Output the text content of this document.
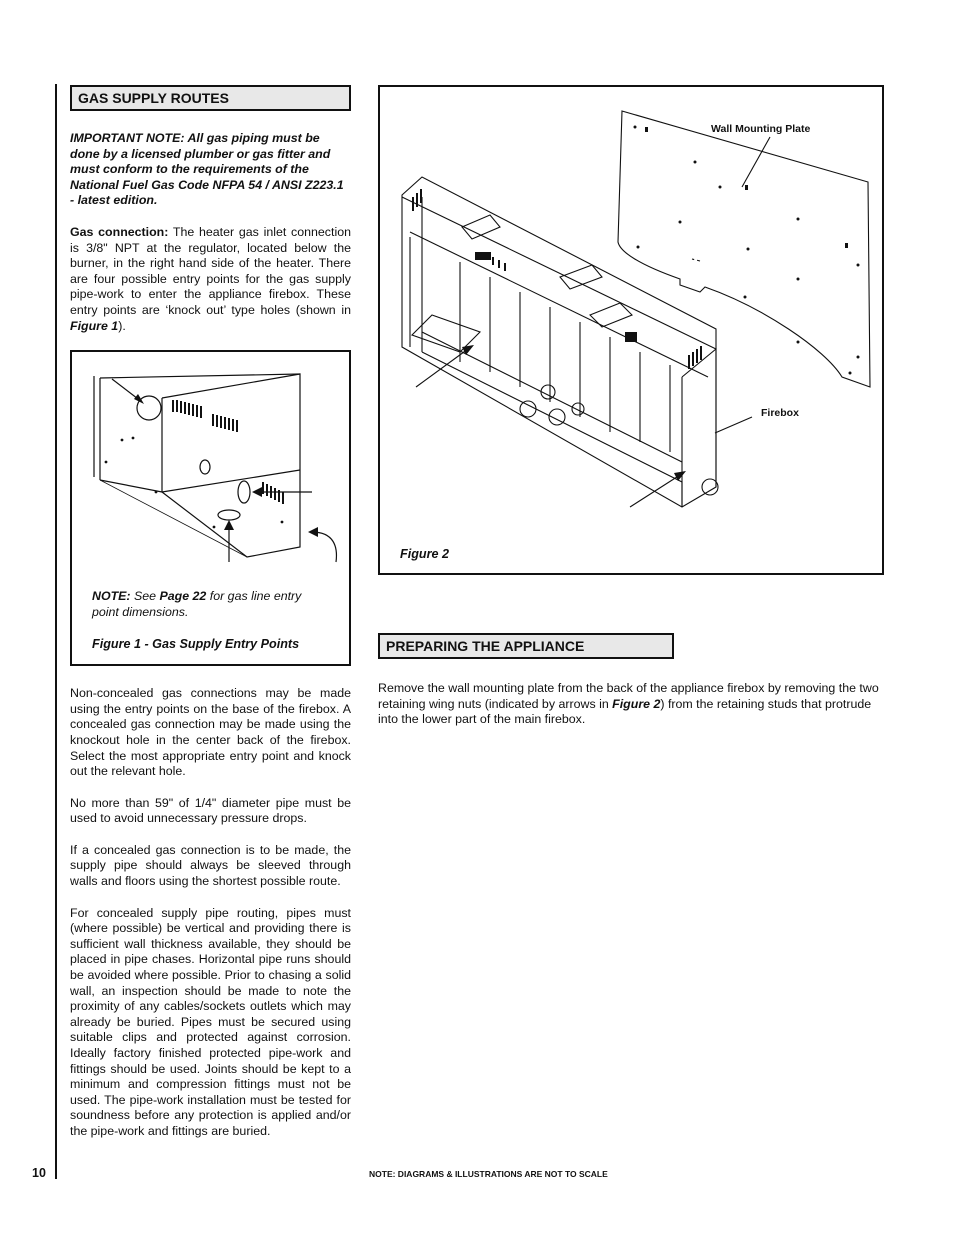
GAS SUPPLY ROUTES

IMPORTANT NOTE: All gas piping must be done by a licensed plumber or gas fitter and must conform to the requirements of the National Fuel Gas Code NFPA 54 / ANSI Z223.1 - latest edition.

Gas connection: The heater gas inlet connection is 3/8" NPT at the regulator, located below the burner, in the right hand side of the heater. There are four possible entry points for the gas supply pipe-work to enter the appliance firebox. These entry points are ‘knock out’ type holes (shown in Figure 1).

NOTE: See Page 22 for gas line entry point dimensions.
Figure 1 - Gas Supply Entry Points

Non-concealed gas connections may be made using the entry points on the base of the firebox. A concealed gas connection may be made using the knockout hole in the center back of the firebox. Select the most appropriate entry point and knock out the relevant hole.

No more than 59" of 1/4" diameter pipe must be used to avoid unnecessary pressure drops.

If a concealed gas connection is to be made, the supply pipe should always be sleeved through walls and floors using the shortest possible route.

For concealed supply pipe routing, pipes must (where possible) be vertical and providing there is sufficient wall thickness available, they should be placed in pipe chases. Horizontal pipe runs should be avoided where possible. Prior to chasing a solid wall, an inspection should be made to note the proximity of any cables/sockets outlets which may already be buried. Pipes must be secured using suitable clips and protected against corrosion. Ideally factory finished protected pipe-work and fittings should be used. Joints should be kept to a minimum and compression fittings must not be used. The pipe-work installation must be tested for soundness before any protection is applied and/or the pipe-work and fittings are buried.

Wall Mounting Plate
Firebox
Figure 2
PREPARING THE APPLIANCE

Remove the wall mounting plate from the back of the appliance firebox by removing the two retaining wing nuts (indicated by arrows in Figure 2) from the retaining studs that protrude into the lower part of the main firebox.

10	NOTE: DIAGRAMS & ILLUSTRATIONS ARE NOT TO SCALE
